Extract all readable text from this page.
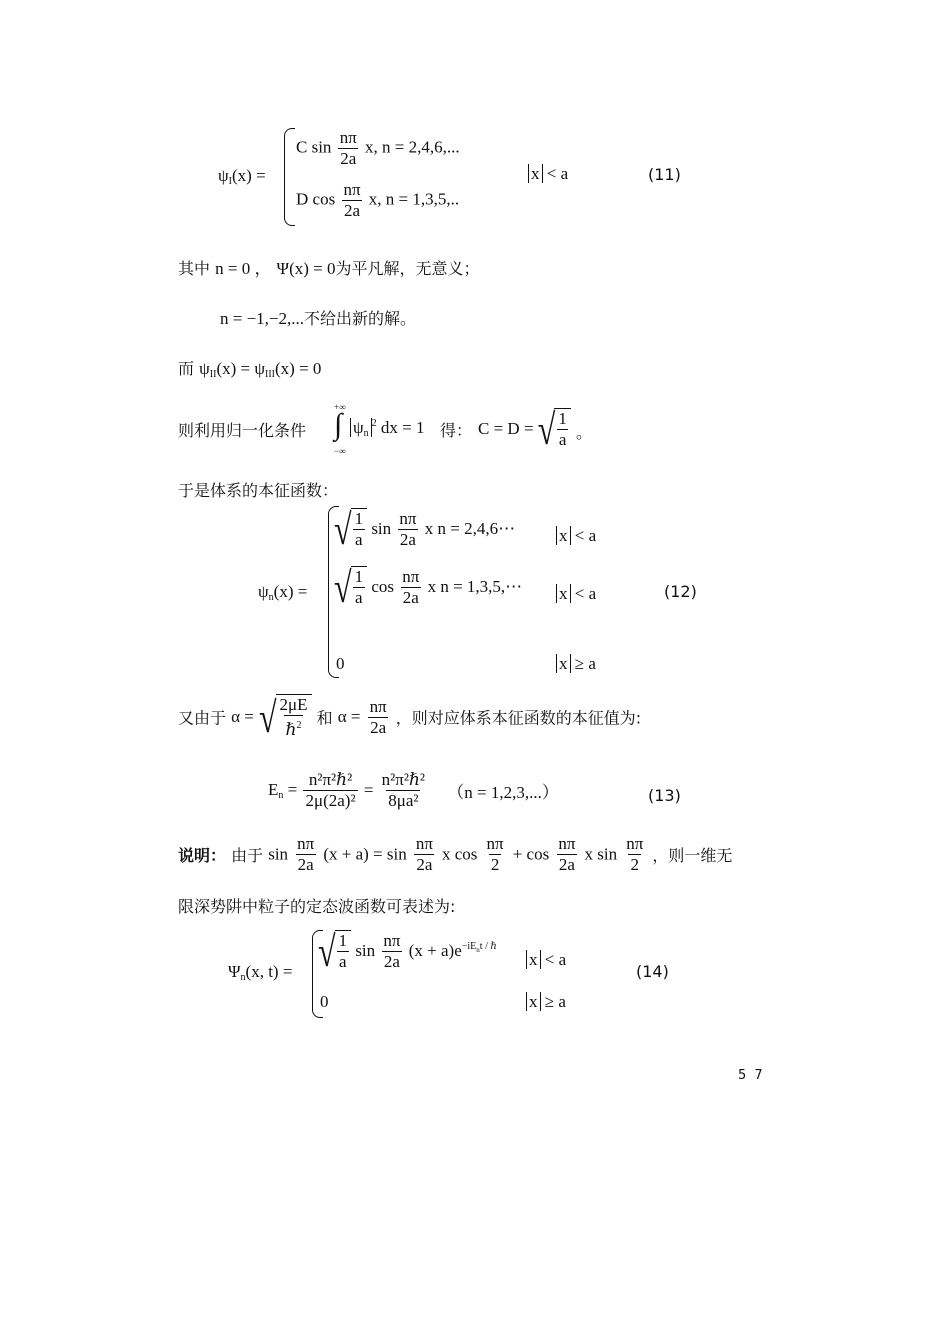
$\psi_I(x)$ =
C $\sin \frac{n\pi}{2a} x$, n = 2,4,6,...
D $\cos \frac{n\pi}{2a} x$, n = 1,3,5,..
x < a	(11)
其中 n = 0 ， Ψ(x) = 0为平凡解，无意义；
n = −1,−2,...不给出新的解。
而 $\psi_{II}(x) = \psi_{III}(x) = 0$
则利用归一化条件
+∞
−∞
∫ $\psi_n^2$ dx = 1 得： C = D = √ $\frac{1}{a}$ 。
于是体系的本征函数：
$\psi_n(x)$ =
√ $\frac{1}{a}$ $\sin \frac{n\pi}{2a}$ x n = 2,4,6⋯
√ $\frac{1}{a}$ $\cos \frac{n\pi}{2a}$ x n = 1,3,5,⋯
0
x < a
x < a
x ≥ a
(12)
又由于 α = √ $\frac{2\mu E}{\hbar^2}$ 和 $\alpha = \frac{n\pi}{2a}$ ，则对应体系本征函数的本征值为:
$E_n = \frac{\text{n²π²ℏ²}}{\text{2μ(2a)²}} = \frac{\text{n²π²ℏ²}}{\text{8μa²}} (n = 1,2,3,...)$	(13)
说明： 由于 $\sin \frac{n\pi}{2a} (x + a) = \sin \frac{n\pi}{2a}$ x $\cos \frac{n\pi}{2} + \cos \frac{n\pi}{2a}$ x $\sin \frac{n\pi}{2}$ ，则一维无
限深势阱中粒子的定态波函数可表述为:
$\Psi_n(x$, t) = √ $\frac{1}{a}$ $\sin \frac{n\pi}{2a} (x + a)e^{-iE_nt / \hbar}$
0
x < a
x ≥ a
(14)
5 7
